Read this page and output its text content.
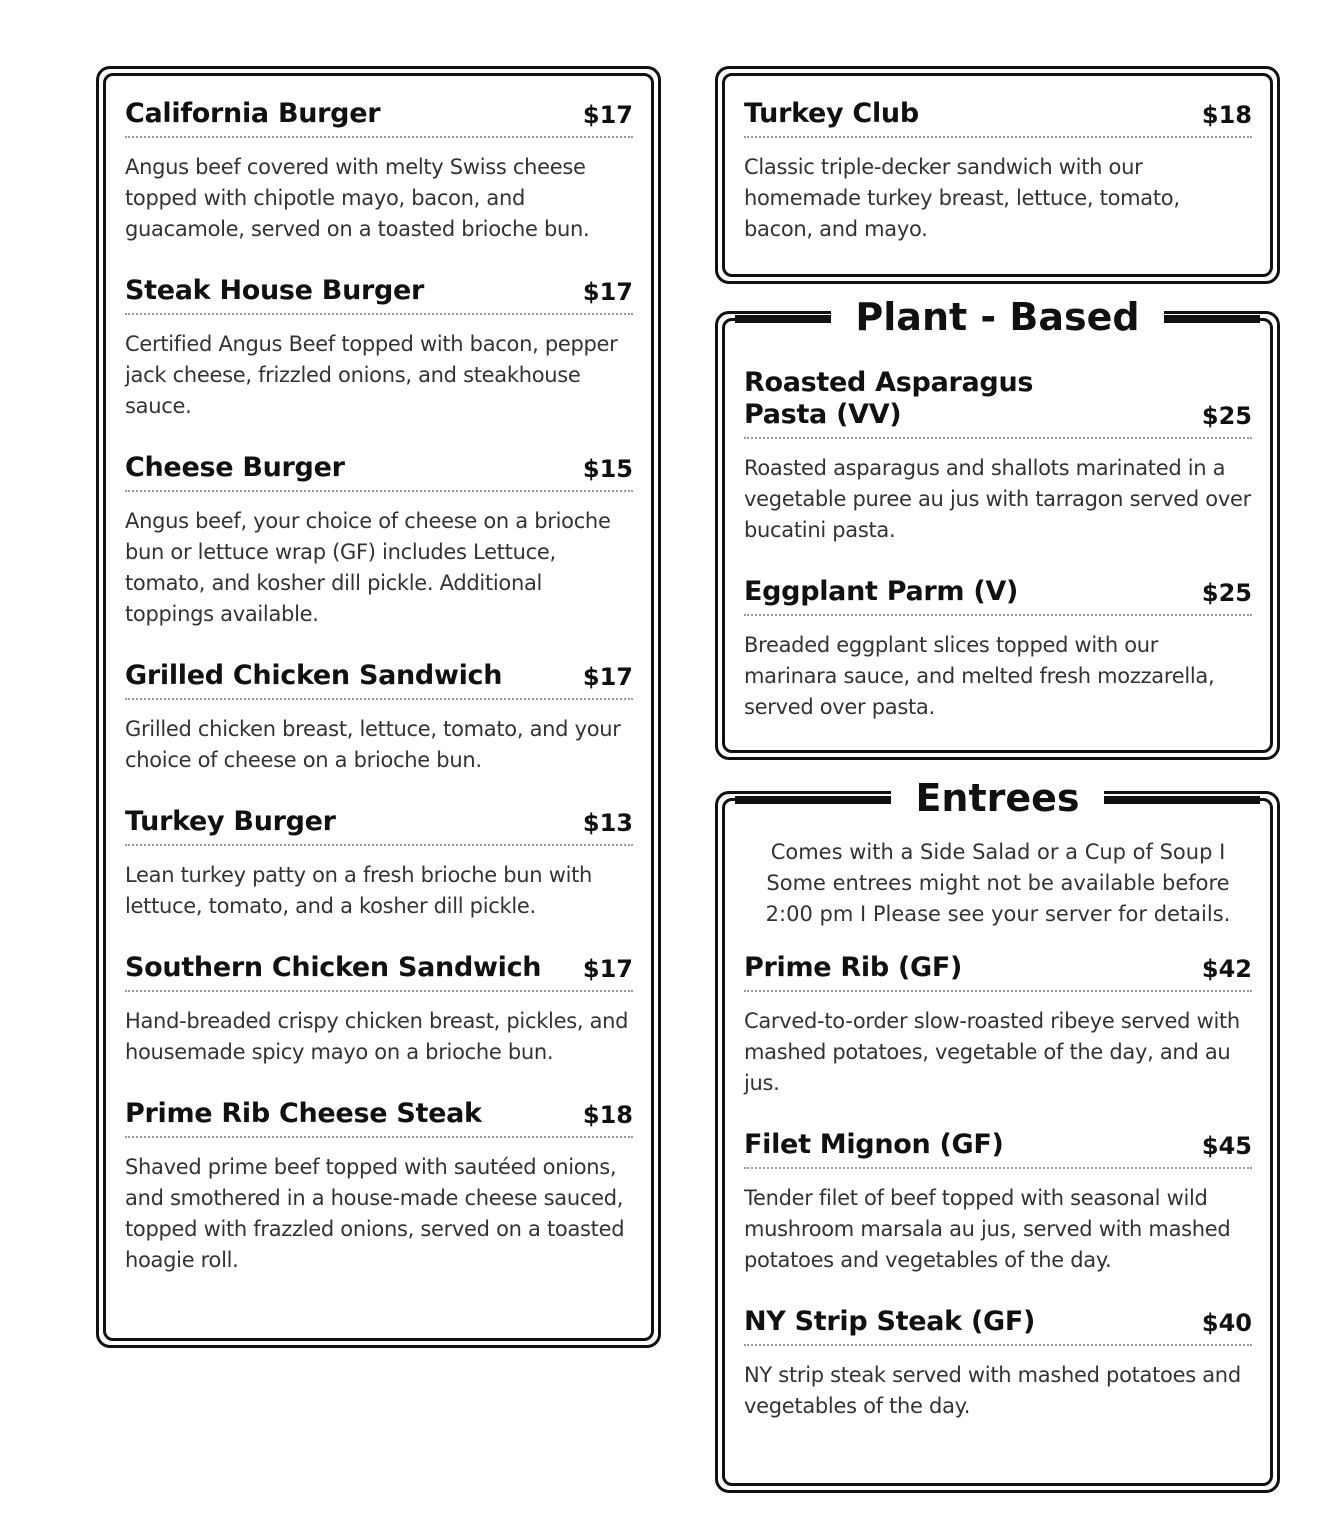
California Burger	$17
Angus beef covered with melty Swiss cheese topped with chipotle mayo, bacon, and guacamole, served on a toasted brioche bun.
Steak House Burger	$17
Certified Angus Beef topped with bacon, pepper jack cheese, frizzled onions, and steakhouse sauce.
Cheese Burger	$15
Angus beef, your choice of cheese on a brioche bun or lettuce wrap (GF) includes Lettuce, tomato, and kosher dill pickle. Additional toppings available.
Grilled Chicken Sandwich	$17
Grilled chicken breast, lettuce, tomato, and your choice of cheese on a brioche bun.
Turkey Burger	$13
Lean turkey patty on a fresh brioche bun with lettuce, tomato, and a kosher dill pickle.
Southern Chicken Sandwich $17
Hand-breaded crispy chicken breast, pickles, and housemade spicy mayo on a brioche bun.
Prime Rib Cheese Steak	$18
Shaved prime beef topped with sautéed onions, and smothered in a house-made cheese sauced, topped with frazzled onions, served on a toasted hoagie roll.
Turkey Club	$18
Classic triple-decker sandwich with our homemade turkey breast, lettuce, tomato, bacon, and mayo.
Roasted Asparagus Pasta (VV)	$25
Roasted asparagus and shallots marinated in a vegetable puree au jus with tarragon served over bucatini pasta.
Eggplant Parm (V)	$25
Breaded eggplant slices topped with our marinara sauce, and melted fresh mozzarella, served over pasta.
Plant - Based
Comes with a Side Salad or a Cup of Soup I Some entrees might not be available before 2:00 pm I Please see your server for details.
Prime Rib (GF)	$42
Carved-to-order slow-roasted ribeye served with mashed potatoes, vegetable of the day, and au jus.
Filet Mignon (GF)	$45
Tender filet of beef topped with seasonal wild mushroom marsala au jus, served with mashed potatoes and vegetables of the day.
NY Strip Steak (GF)	$40
NY strip steak served with mashed potatoes and vegetables of the day.
Entrees
